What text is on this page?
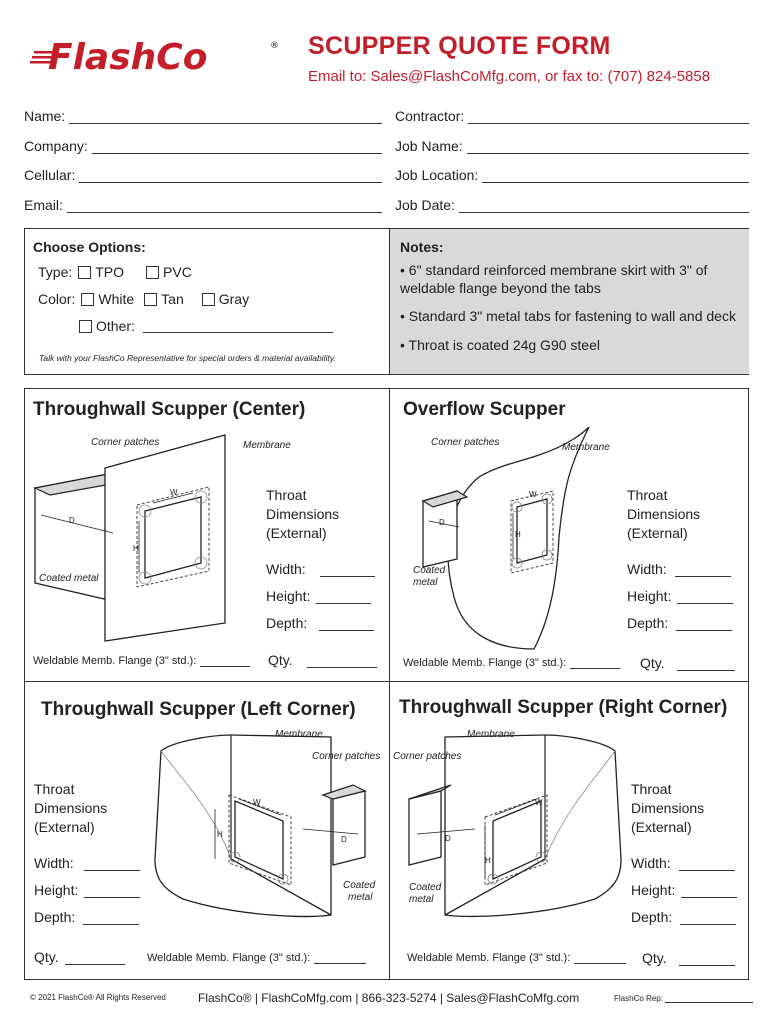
FlashCo	® SCUPPER QUOTE FORM
Email to: Sales@FlashCoMfg.com, or fax to: (707) 824-5858
Name:
Company:
Cellular:
Email:
Contractor:
Job Name:
Job Location:
Job Date:
Choose Options:
Type: TPO	PVC
Color: White Tan	Gray
Other:
Talk with your FlashCo Representative for special orders & material availability.
Notes:
• 6" standard reinforced membrane skirt with 3" of weldable flange beyond the tabs
• Standard 3" metal tabs for fastening to wall and deck
• Throat is coated 24g G90 steel
Throughwall Scupper (Center)
D
W
H
Corner patches	Membrane
Coated metal
Throat
Dimensions
(External)
Width:
Height:
Depth:
Weldable Memb. Flange (3" std.):	Qty.
Overflow Scupper
D
W
H
Corner patches	Membrane
Coated
metal
Throat
Dimensions
(External)
Width:
Height:
Depth:
Weldable Memb. Flange (3" std.):	Qty.
Throughwall Scupper (Left Corner)
W
H
D
Membrane
Corner patches
Coated
metal
Throat
Dimensions
(External)
Width:
Height:
Depth:
Qty.	Weldable Memb. Flange (3" std.):
Throughwall Scupper (Right Corner)
W
H
D
Membrane
Corner patches
Coated
metal
Throat
Dimensions
(External)
Width:
Height:
Depth:
Weldable Memb. Flange (3" std.):	Qty.
© 2021 FlashCo® All Rights Reserved	FlashCo® | FlashCoMfg.com | 866-323-5274 | Sales@FlashCoMfg.com	FlashCo Rep:
